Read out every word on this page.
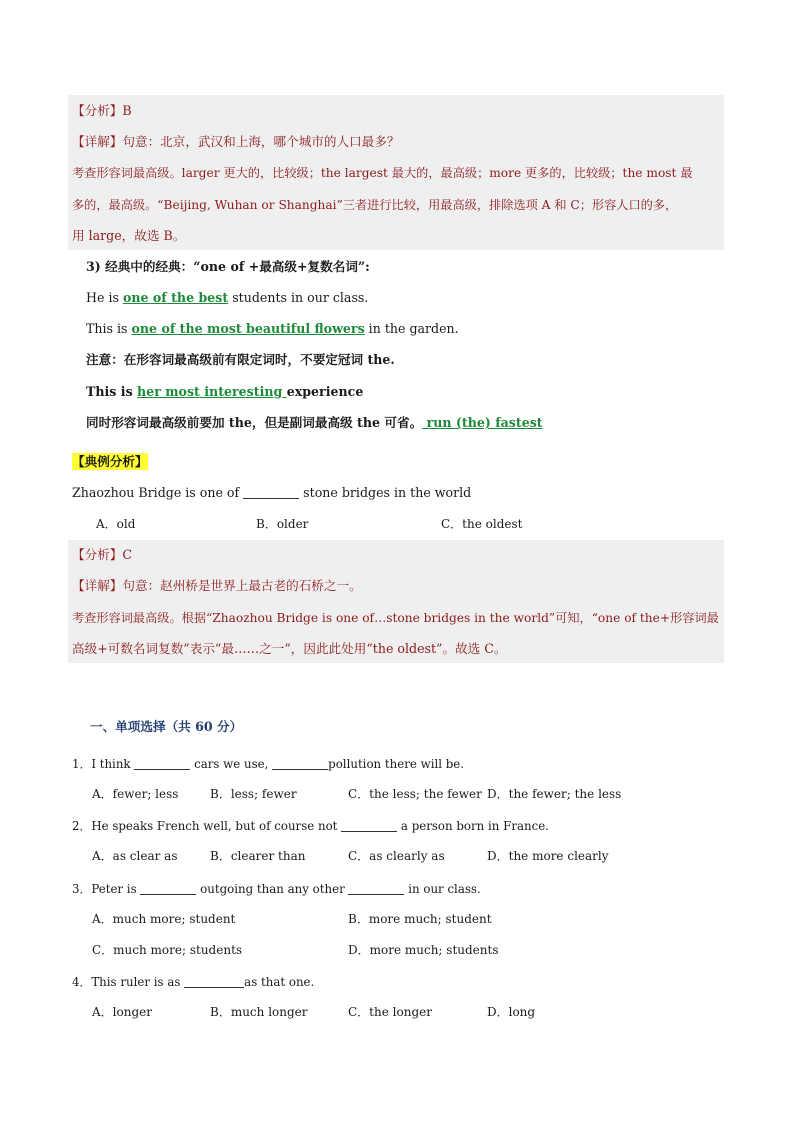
【分析】B
【详解】句意：北京，武汉和上海，哪个城市的人口最多？
考查形容词最高级。larger 更大的，比较级；the largest 最大的，最高级；more 更多的，比较级；the most 最
多的，最高级。“Beijing, Wuhan or Shanghai”三者进行比较，用最高级，排除选项 A 和 C；形容人口的多，
用 large，故选 B。
3) 经典中的经典：“one of +最高级+复数名词”:
He is one of the best students in our class.
This is one of the most beautiful flowers in the garden.
注意：在形容词最高级前有限定词时，不要定冠词 the.
This is her most interesting experience
同时形容词最高级前要加 the，但是副词最高级 the 可省。 run (the) fastest
【典例分析】
Zhaozhou Bridge is one of	stone bridges in the world
A．old	B．older	C．the oldest
【分析】C
【详解】句意：赵州桥是世界上最古老的石桥之一。
考查形容词最高级。根据“Zhaozhou Bridge is one of…stone bridges in the world”可知，“one of the+形容词最
高级+可数名词复数”表示“最……之一”，因此此处用“the oldest”。故选 C。
一、单项选择（共 60 分）
1．I think	cars we use,	pollution there will be.
A．fewer; less	B．less; fewer	C．the less; the fewer D．the fewer; the less
2．He speaks French well, but of course not	a person born in France.
A．as clear as	B．clearer than	C．as clearly as	D．the more clearly
3．Peter is	outgoing than any other	in our class.
A．much more; student	B．more much; student
C．much more; students	D．more much; students
4．This ruler is as	as that one.
A．longer	B．much longer	C．the longer	D．long
